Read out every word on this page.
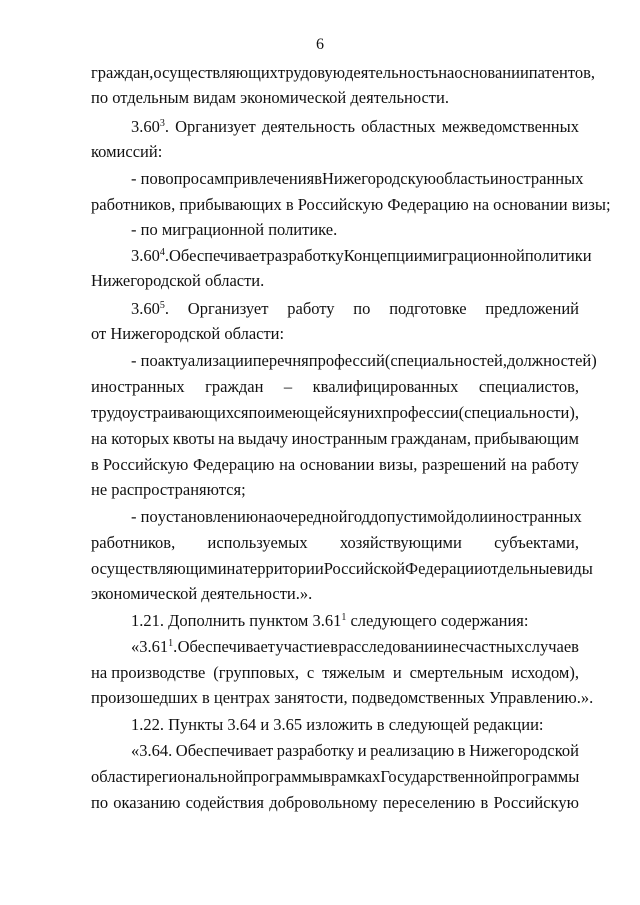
6
граждан, осуществляющих трудовую деятельность на основании патентов,
по отдельным видам экономической деятельности.
3.60$^3$. Организует деятельность областных межведомственных
комиссий:
- по вопросам привлечения в Нижегородскую область иностранных
работников, прибывающих в Российскую Федерацию на основании визы;
- по миграционной политике.
3.60$^4$. Обеспечивает разработку Концепции миграционной политики
Нижегородской области.
3.60$^5$. Организует работу по подготовке предложений
от Нижегородской области:
- по актуализации перечня профессий (специальностей, должностей)
иностранных граждан – квалифицированных специалистов,
трудоустраивающихся по имеющейся у них профессии (специальности),
на которых квоты на выдачу иностранным гражданам, прибывающим
в Российскую Федерацию на основании визы, разрешений на работу
не распространяются;
- по установлению на очередной год допустимой доли иностранных
работников, используемых хозяйствующими субъектами,
осуществляющими на территории Российской Федерации отдельные виды
экономической деятельности.».
1.21. Дополнить пунктом 3.61$^1$ следующего содержания:
«3.61$^1$. Обеспечивает участие в расследовании несчастных случаев
на производстве (групповых, с тяжелым и смертельным исходом),
произошедших в центрах занятости, подведомственных Управлению.».
1.22. Пункты 3.64 и 3.65 изложить в следующей редакции:
«3.64. Обеспечивает разработку и реализацию в Нижегородской
области региональной программы в рамках Государственной программы
по оказанию содействия добровольному переселению в Российскую
